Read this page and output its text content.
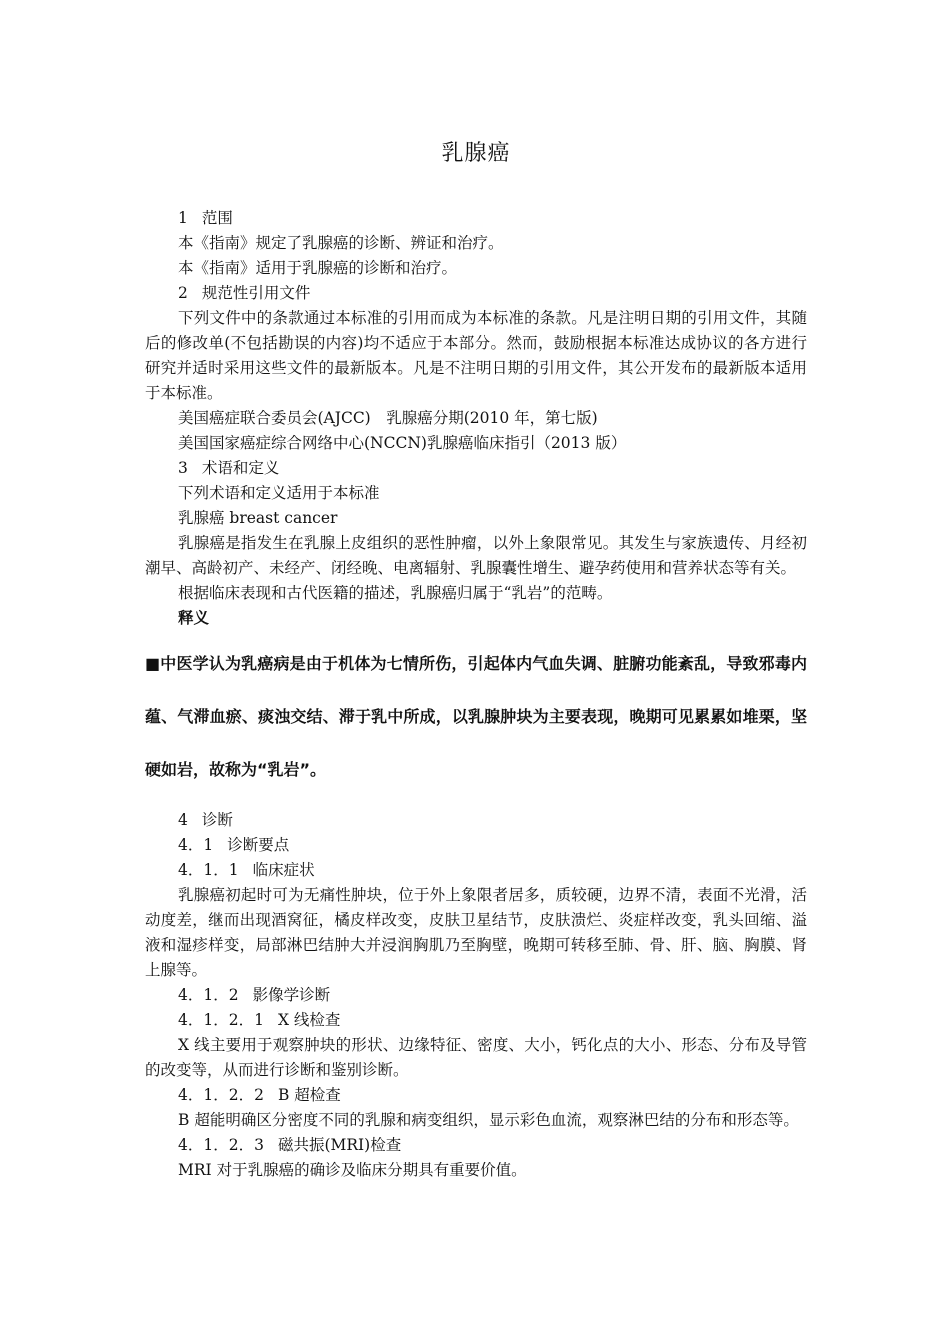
乳腺癌

1 范围

本《指南》规定了乳腺癌的诊断、辨证和治疗。

本《指南》适用于乳腺癌的诊断和治疗。

2 规范性引用文件

下列文件中的条款通过本标准的引用而成为本标准的条款。凡是注明日期的引用文件，其随后的修改单(不包括勘误的内容)均不适应于本部分。然而，鼓励根据本标准达成协议的各方进行研究并适时采用这些文件的最新版本。凡是不注明日期的引用文件，其公开发布的最新版本适用于本标准。

美国癌症联合委员会(AJCC)　乳腺癌分期(2010 年，第七版)

美国国家癌症综合网络中心(NCCN)乳腺癌临床指引（2013 版）

3 术语和定义

下列术语和定义适用于本标准

乳腺癌 breast cancer

乳腺癌是指发生在乳腺上皮组织的恶性肿瘤，以外上象限常见。其发生与家族遗传、月经初潮早、高龄初产、未经产、闭经晚、电离辐射、乳腺囊性增生、避孕药使用和营养状态等有关。

根据临床表现和古代医籍的描述，乳腺癌归属于“乳岩”的范畴。

释义

■中医学认为乳癌病是由于机体为七情所伤，引起体内气血失调、脏腑功能紊乱，导致邪毒内蕴、气滞血瘀、痰浊交结、滞于乳中所成，以乳腺肿块为主要表现，晚期可见累累如堆栗，坚硬如岩，故称为“乳岩”。

4 诊断

4．1 诊断要点

4．1．1 临床症状

乳腺癌初起时可为无痛性肿块，位于外上象限者居多，质较硬，边界不清，表面不光滑，活动度差，继而出现酒窝征，橘皮样改变，皮肤卫星结节，皮肤溃烂、炎症样改变，乳头回缩、溢液和湿疹样变，局部淋巴结肿大并浸润胸肌乃至胸壁，晚期可转移至肺、骨、肝、脑、胸膜、肾上腺等。

4．1．2 影像学诊断

4．1．2．1 X 线检查

X 线主要用于观察肿块的形状、边缘特征、密度、大小，钙化点的大小、形态、分布及导管的改变等，从而进行诊断和鉴别诊断。

4．1．2．2 B 超检查

B 超能明确区分密度不同的乳腺和病变组织，显示彩色血流，观察淋巴结的分布和形态等。

4．1．2．3 磁共振(MRI)检查

MRI 对于乳腺癌的确诊及临床分期具有重要价值。
